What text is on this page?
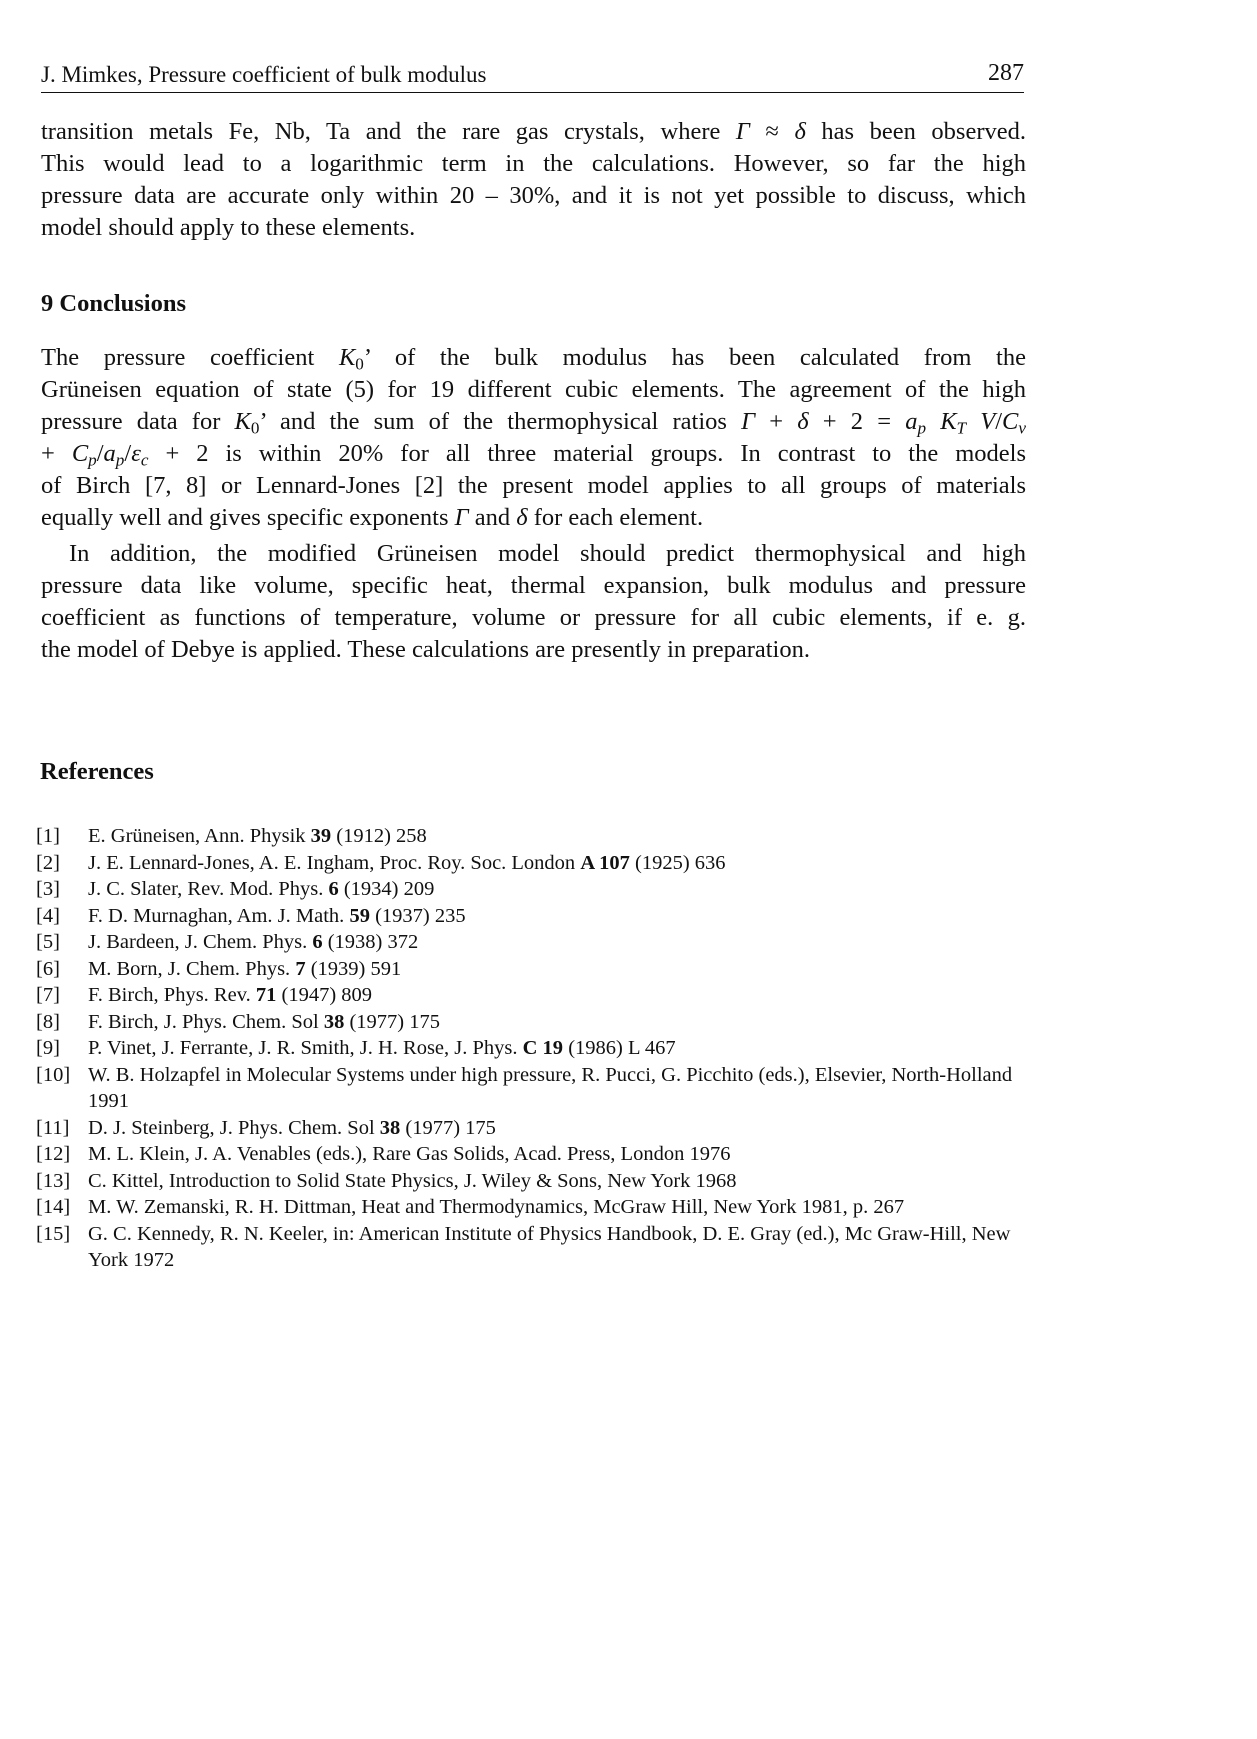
J. Mimkes, Pressure coefficient of bulk modulus	287
transition metals Fe, Nb, Ta and the rare gas crystals, where Γ ≈ δ has been observed.
This would lead to a logarithmic term in the calculations. However, so far the high
pressure data are accurate only within 20 – 30%, and it is not yet possible to discuss, which
model should apply to these elements.
9 Conclusions
The pressure coefficient $K_0$’ of the bulk modulus has been calculated from the
Grüneisen equation of state (5) for 19 different cubic elements. The agreement of the high
pressure data for $K_0$’ and the sum of the thermophysical ratios $\Gamma + \delta + 2 = a_p$ $K_T$ $V/C_v$
+ $C_p/a_p/\varepsilon_c + 2$ is within 20% for all three material groups. In contrast to the models
of Birch [7, 8] or Lennard-Jones [2] the present model applies to all groups of materials
equally well and gives specific exponents Γ and δ for each element.
In addition, the modified Grüneisen model should predict thermophysical and high
pressure data like volume, specific heat, thermal expansion, bulk modulus and pressure
coefficient as functions of temperature, volume or pressure for all cubic elements, if e. g.
the model of Debye is applied. These calculations are presently in preparation.
References
[1] E. Grüneisen, Ann. Physik 39 (1912) 258
[2] J. E. Lennard-Jones, A. E. Ingham, Proc. Roy. Soc. London A 107 (1925) 636
[3] J. C. Slater, Rev. Mod. Phys. 6 (1934) 209
[4] F. D. Murnaghan, Am. J. Math. 59 (1937) 235
[5] J. Bardeen, J. Chem. Phys. 6 (1938) 372
[6] M. Born, J. Chem. Phys. 7 (1939) 591
[7] F. Birch, Phys. Rev. 71 (1947) 809
[8] F. Birch, J. Phys. Chem. Sol 38 (1977) 175
[9] P. Vinet, J. Ferrante, J. R. Smith, J. H. Rose, J. Phys. C 19 (1986) L 467
[10] W. B. Holzapfel in Molecular Systems under high pressure, R. Pucci, G. Picchito (eds.), Elsevier, North-Holland 1991
[11] D. J. Steinberg, J. Phys. Chem. Sol 38 (1977) 175
[12] M. L. Klein, J. A. Venables (eds.), Rare Gas Solids, Acad. Press, London 1976
[13] C. Kittel, Introduction to Solid State Physics, J. Wiley & Sons, New York 1968
[14] M. W. Zemanski, R. H. Dittman, Heat and Thermodynamics, McGraw Hill, New York 1981, p. 267
[15] G. C. Kennedy, R. N. Keeler, in: American Institute of Physics Handbook, D. E. Gray (ed.), Mc Graw-Hill, New York 1972
